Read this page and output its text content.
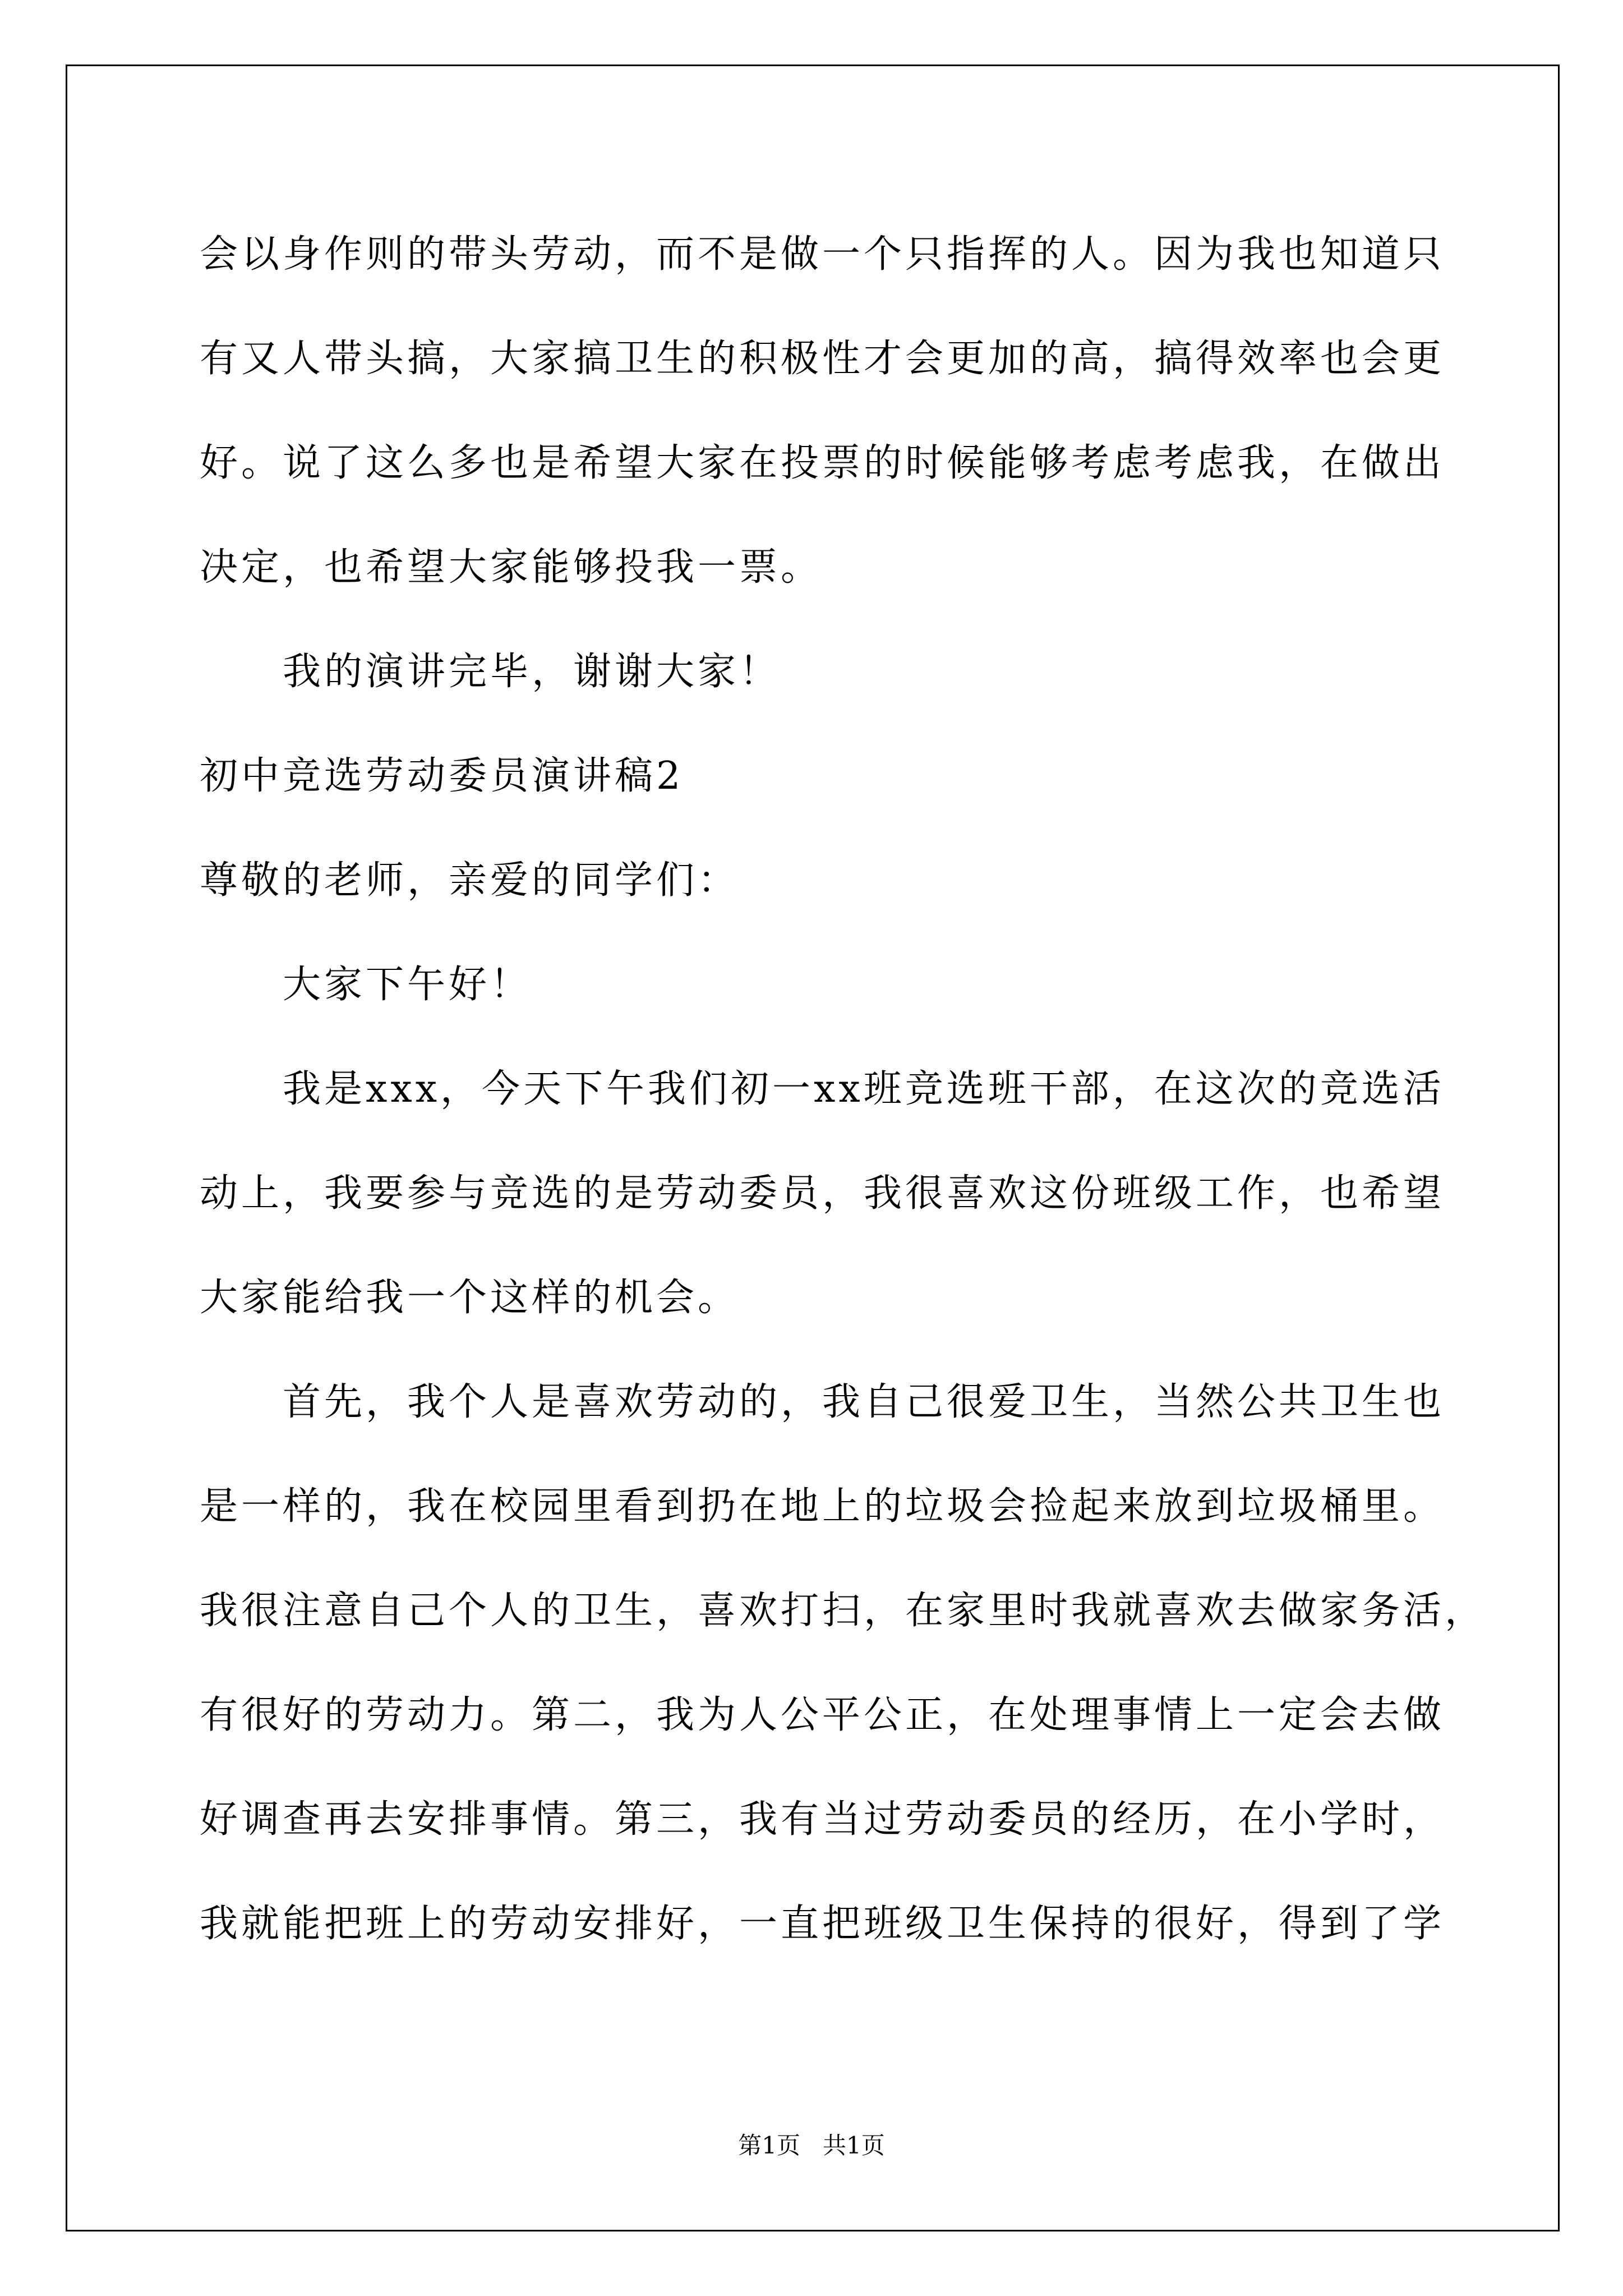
会以身作则的带头劳动，而不是做一个只指挥的人。因为我也知道只
有又人带头搞，大家搞卫生的积极性才会更加的高，搞得效率也会更
好。说了这么多也是希望大家在投票的时候能够考虑考虑我，在做出
决定，也希望大家能够投我一票。
我的演讲完毕，谢谢大家！
初中竞选劳动委员演讲稿2
尊敬的老师，亲爱的同学们：
大家下午好！
我是xxx，今天下午我们初一xx班竞选班干部，在这次的竞选活
动上，我要参与竞选的是劳动委员，我很喜欢这份班级工作，也希望
大家能给我一个这样的机会。
首先，我个人是喜欢劳动的，我自己很爱卫生，当然公共卫生也
是一样的，我在校园里看到扔在地上的垃圾会捡起来放到垃圾桶里。
我很注意自己个人的卫生，喜欢打扫，在家里时我就喜欢去做家务活，
有很好的劳动力。第二，我为人公平公正，在处理事情上一定会去做
好调查再去安排事情。第三，我有当过劳动委员的经历，在小学时，
我就能把班上的劳动安排好，一直把班级卫生保持的很好，得到了学
第1页   共1页
